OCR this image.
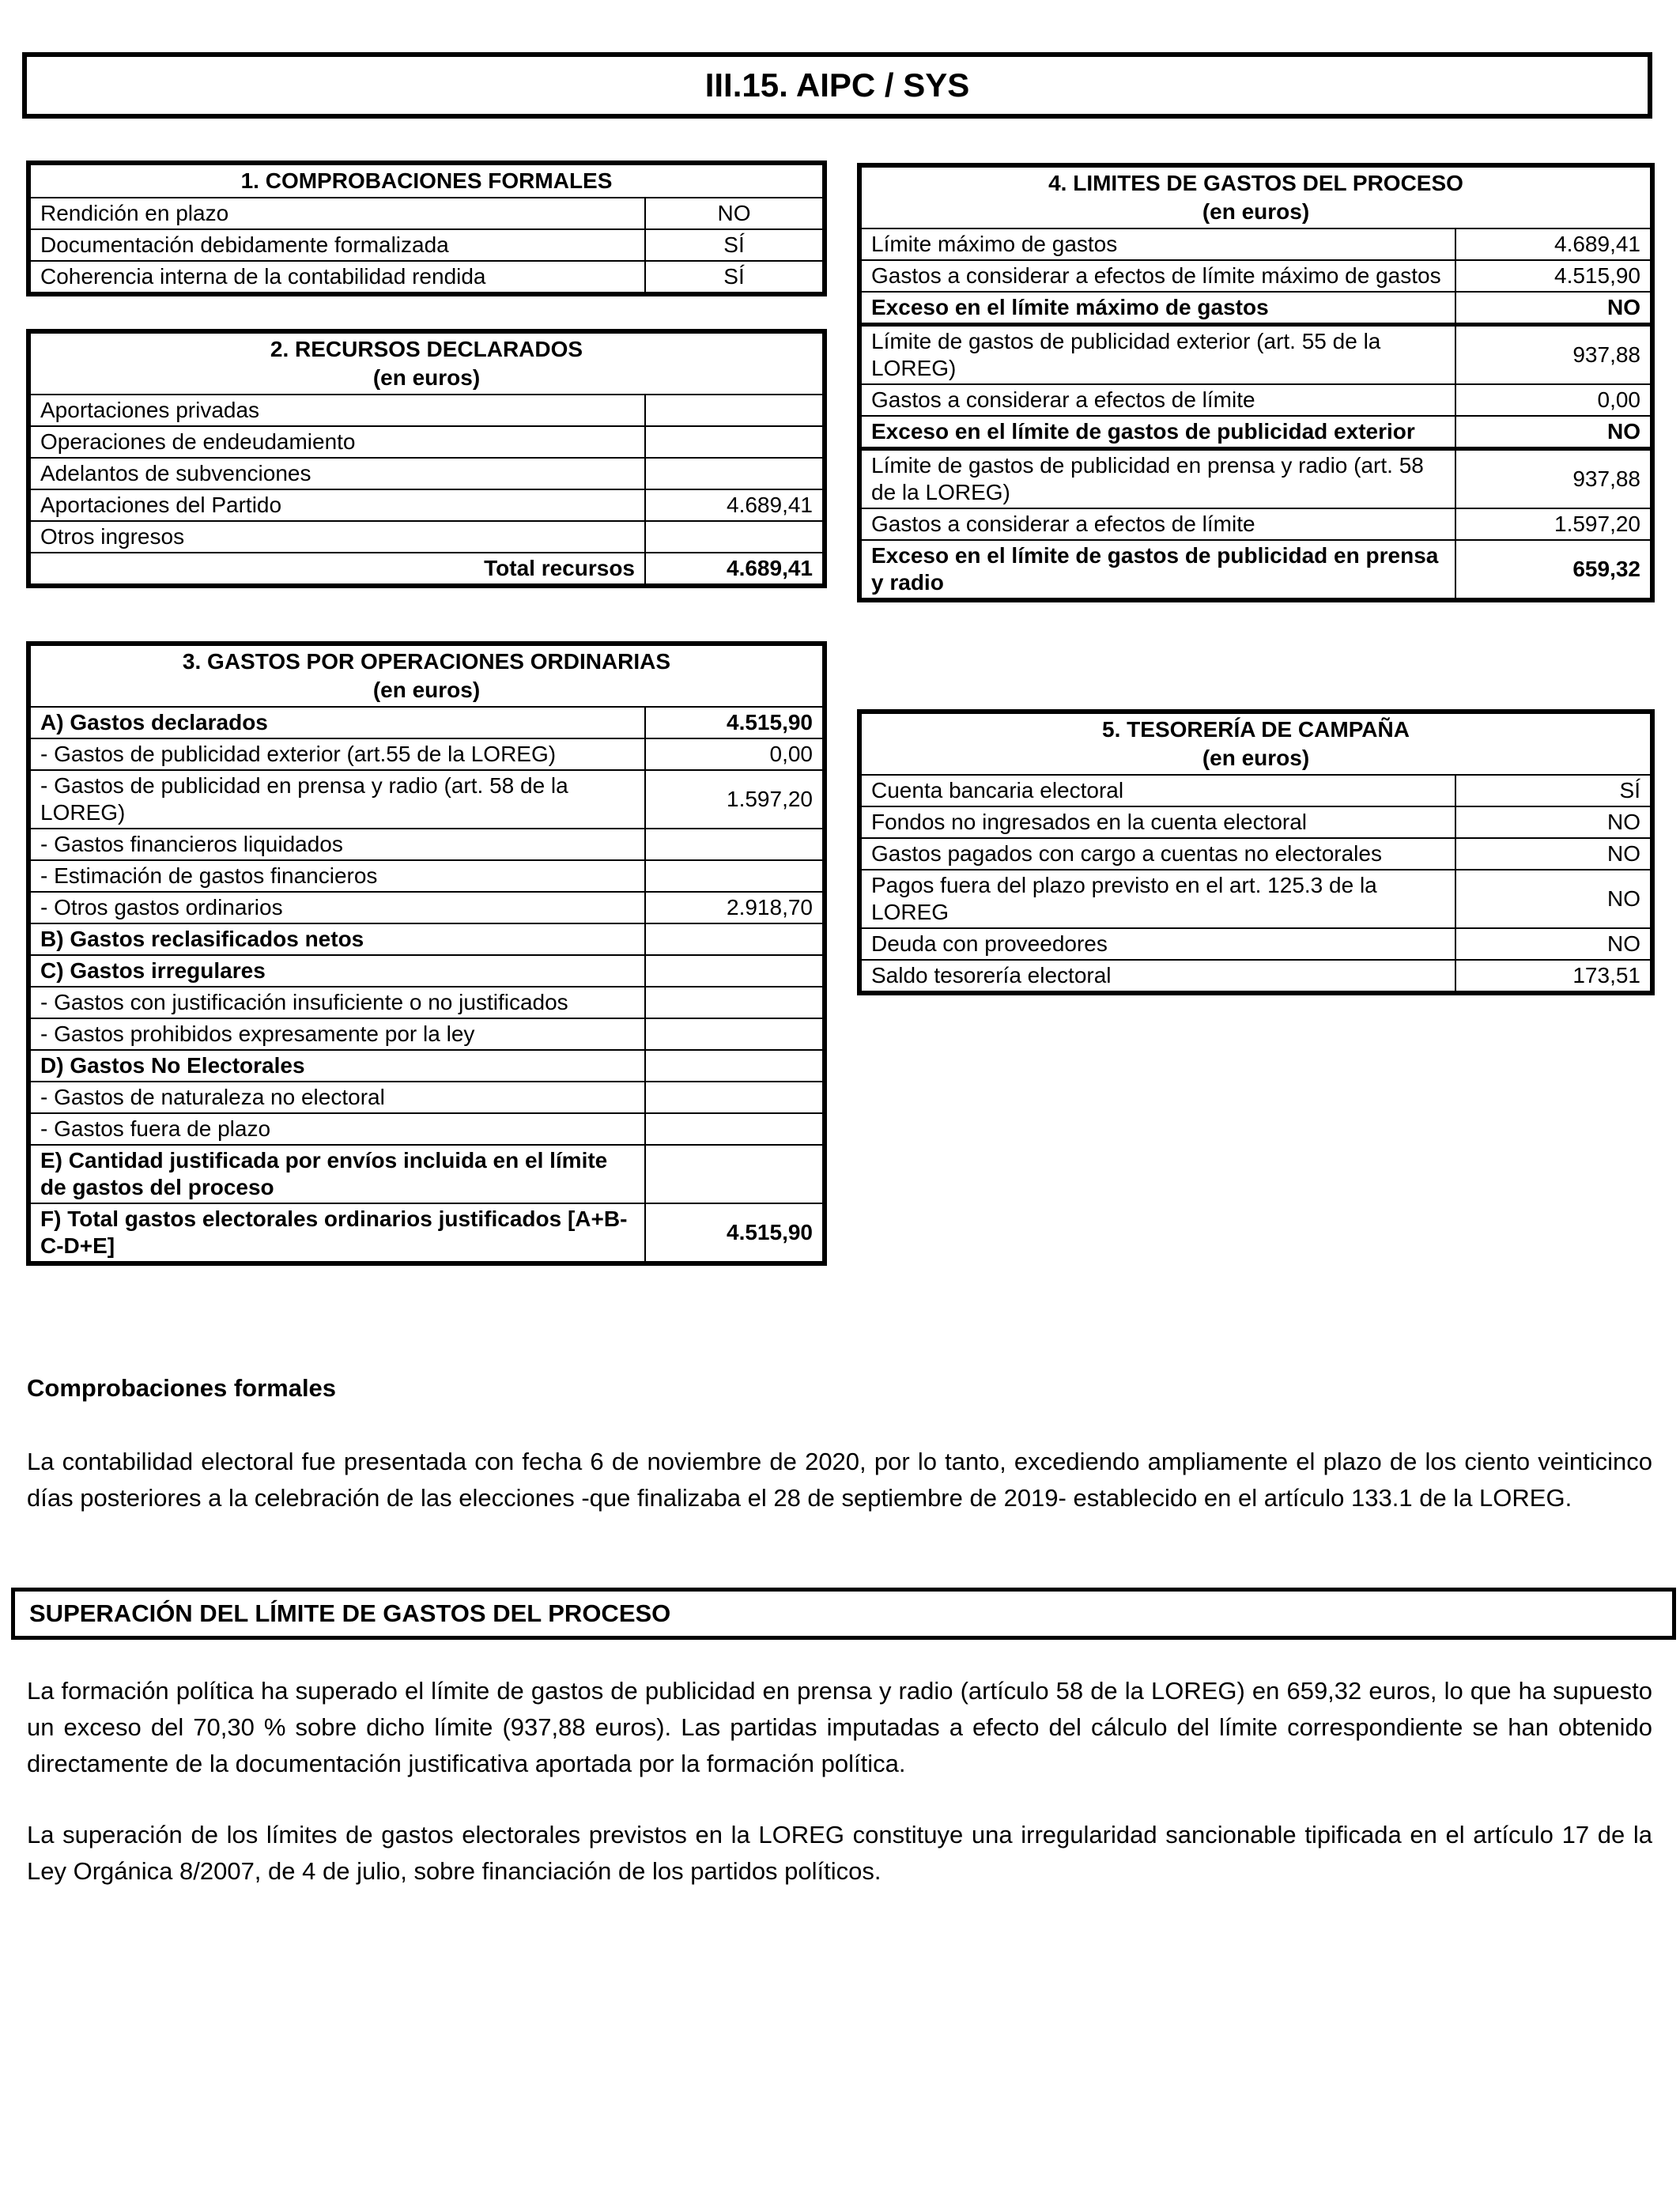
III.15. AIPC / SYS
1. COMPROBACIONES FORMALES	
Rendición en plazo	NO
Documentación debidamente formalizada	SÍ
Coherencia interna de la contabilidad rendida	SÍ
2. RECURSOS DECLARADOS
(en euros)	
Aportaciones privadas	
Operaciones de endeudamiento	
Adelantos de subvenciones	
Aportaciones del Partido	4.689,41
Otros ingresos	
Total recursos	4.689,41
3. GASTOS POR OPERACIONES ORDINARIAS
(en euros)	
A) Gastos declarados	4.515,90
- Gastos de publicidad exterior (art.55 de la LOREG)	0,00
- Gastos de publicidad en prensa y radio (art. 58 de la LOREG)	1.597,20
- Gastos financieros liquidados	
- Estimación de gastos financieros	
- Otros gastos ordinarios	2.918,70
B) Gastos reclasificados netos	
C) Gastos irregulares	
- Gastos con justificación insuficiente o no justificados	
- Gastos prohibidos expresamente por la ley	
D) Gastos No Electorales	
- Gastos de naturaleza no electoral	
- Gastos fuera de plazo	
E) Cantidad justificada por envíos incluida en el límite de gastos del proceso	
F) Total gastos electorales ordinarios justificados [A+B-C-D+E]	4.515,90
4. LIMITES DE GASTOS DEL PROCESO
(en euros)	
Límite máximo de gastos	4.689,41
Gastos a considerar a efectos de límite máximo de gastos	4.515,90
Exceso en el límite máximo de gastos	NO
Límite de gastos de publicidad exterior (art. 55 de la LOREG)	937,88
Gastos a considerar a efectos de límite	0,00
Exceso en el límite de gastos de publicidad exterior	NO
Límite de gastos de publicidad en prensa y radio (art. 58 de la LOREG)	937,88
Gastos a considerar a efectos de límite	1.597,20
Exceso en el límite de gastos de publicidad en prensa y radio	659,32
5. TESORERÍA DE CAMPAÑA
(en euros)	
Cuenta bancaria electoral	SÍ
Fondos no ingresados en la cuenta electoral	NO
Gastos pagados con cargo a cuentas no electorales	NO
Pagos fuera del plazo previsto en el art. 125.3 de la LOREG	NO
Deuda con proveedores	NO
Saldo tesorería electoral	173,51
Comprobaciones formales

La contabilidad electoral fue presentada con fecha 6 de noviembre de 2020, por lo tanto, excediendo ampliamente el plazo de los ciento veinticinco días posteriores a la celebración de las elecciones -que finalizaba el 28 de septiembre de 2019- establecido en el artículo 133.1 de la LOREG.

SUPERACIÓN DEL LÍMITE DE GASTOS DEL PROCESO

La formación política ha superado el límite de gastos de publicidad en prensa y radio (artículo 58 de la LOREG) en 659,32 euros, lo que ha supuesto un exceso del 70,30 % sobre dicho límite (937,88 euros). Las partidas imputadas a efecto del cálculo del límite correspondiente se han obtenido directamente de la documentación justificativa aportada por la formación política.

La superación de los límites de gastos electorales previstos en la LOREG constituye una irregularidad sancionable tipificada en el artículo 17 de la Ley Orgánica 8/2007, de 4 de julio, sobre financiación de los partidos políticos.
